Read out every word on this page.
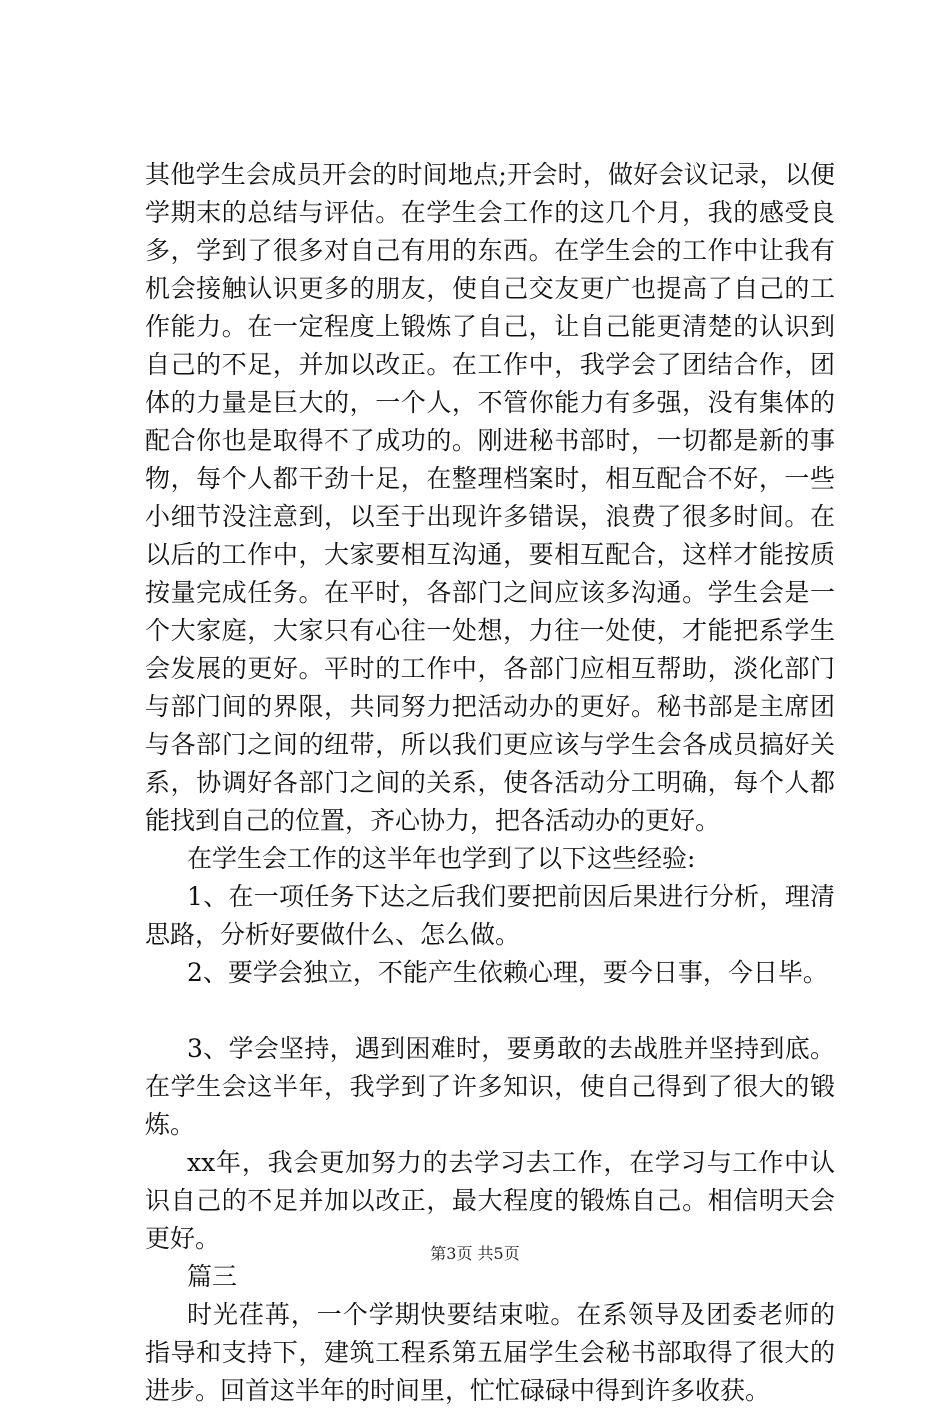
其他学生会成员开会的时间地点;开会时，做好会议记录，以便学期末的总结与评估。在学生会工作的这几个月，我的感受良多，学到了很多对自己有用的东西。在学生会的工作中让我有机会接触认识更多的朋友，使自己交友更广也提高了自己的工作能力。在一定程度上锻炼了自己，让自己能更清楚的认识到自己的不足，并加以改正。在工作中，我学会了团结合作，团体的力量是巨大的，一个人，不管你能力有多强，没有集体的配合你也是取得不了成功的。刚进秘书部时，一切都是新的事物，每个人都干劲十足，在整理档案时，相互配合不好，一些小细节没注意到，以至于出现许多错误，浪费了很多时间。在以后的工作中，大家要相互沟通，要相互配合，这样才能按质按量完成任务。在平时，各部门之间应该多沟通。学生会是一个大家庭，大家只有心往一处想，力往一处使，才能把系学生会发展的更好。平时的工作中，各部门应相互帮助，淡化部门与部门间的界限，共同努力把活动办的更好。秘书部是主席团与各部门之间的纽带，所以我们更应该与学生会各成员搞好关系，协调好各部门之间的关系，使各活动分工明确，每个人都能找到自己的位置，齐心协力，把各活动办的更好。

在学生会工作的这半年也学到了以下这些经验:

1、在一项任务下达之后我们要把前因后果进行分析，理清思路，分析好要做什么、怎么做。

2、要学会独立，不能产生依赖心理，要今日事，今日毕。

3、学会坚持，遇到困难时，要勇敢的去战胜并坚持到底。在学生会这半年，我学到了许多知识，使自己得到了很大的锻炼。

xx年，我会更加努力的去学习去工作，在学习与工作中认识自己的不足并加以改正，最大程度的锻炼自己。相信明天会更好。

篇三

时光荏苒，一个学期快要结束啦。在系领导及团委老师的指导和支持下，建筑工程系第五届学生会秘书部取得了很大的进步。回首这半年的时间里，忙忙碌碌中得到许多收获。

第3页 共5页
